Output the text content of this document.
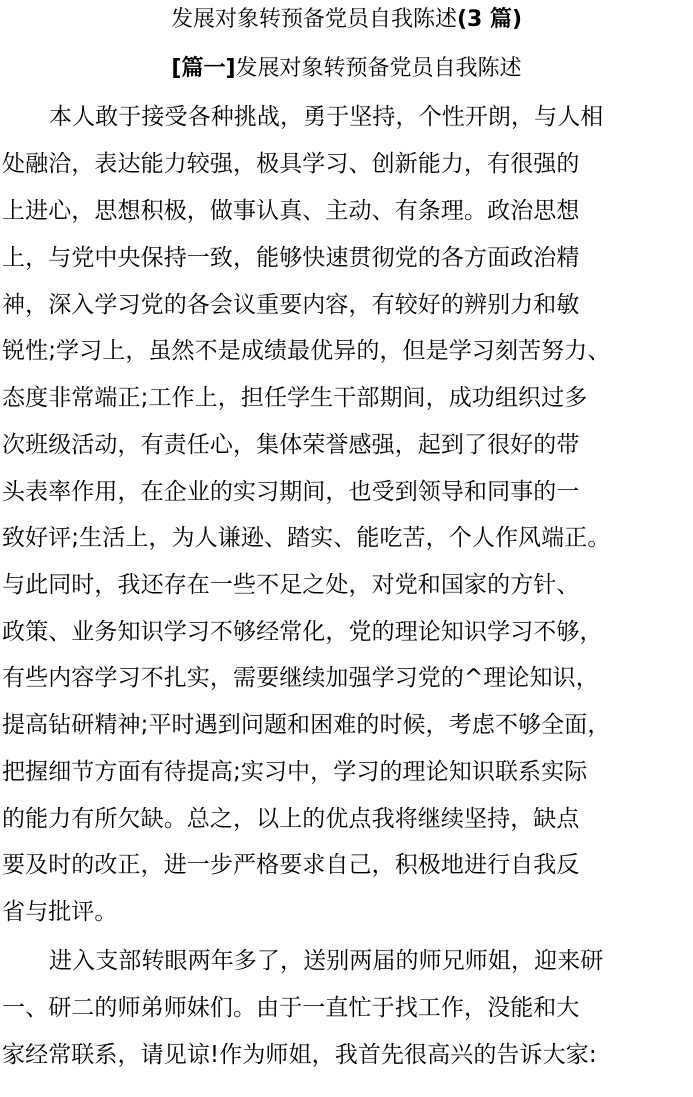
发展对象转预备党员自我陈述(3 篇)
[篇一]发展对象转预备党员自我陈述
本人敢于接受各种挑战，勇于坚持，个性开朗，与人相
处融洽，表达能力较强，极具学习、创新能力，有很强的
上进心，思想积极，做事认真、主动、有条理。政治思想
上，与党中央保持一致，能够快速贯彻党的各方面政治精
神，深入学习党的各会议重要内容，有较好的辨别力和敏
锐性;学习上，虽然不是成绩最优异的，但是学习刻苦努力、
态度非常端正;工作上，担任学生干部期间，成功组织过多
次班级活动，有责任心，集体荣誉感强，起到了很好的带
头表率作用，在企业的实习期间，也受到领导和同事的一
致好评;生活上，为人谦逊、踏实、能吃苦，个人作风端正。
与此同时，我还存在一些不足之处，对党和国家的方针、
政策、业务知识学习不够经常化，党的理论知识学习不够，
有些内容学习不扎实，需要继续加强学习党的^理论知识，
提高钻研精神;平时遇到问题和困难的时候，考虑不够全面，
把握细节方面有待提高;实习中，学习的理论知识联系实际
的能力有所欠缺。总之，以上的优点我将继续坚持，缺点
要及时的改正，进一步严格要求自己，积极地进行自我反
省与批评。
进入支部转眼两年多了，送别两届的师兄师姐，迎来研
一、研二的师弟师妹们。由于一直忙于找工作，没能和大
家经常联系，请见谅!作为师姐，我首先很高兴的告诉大家:
